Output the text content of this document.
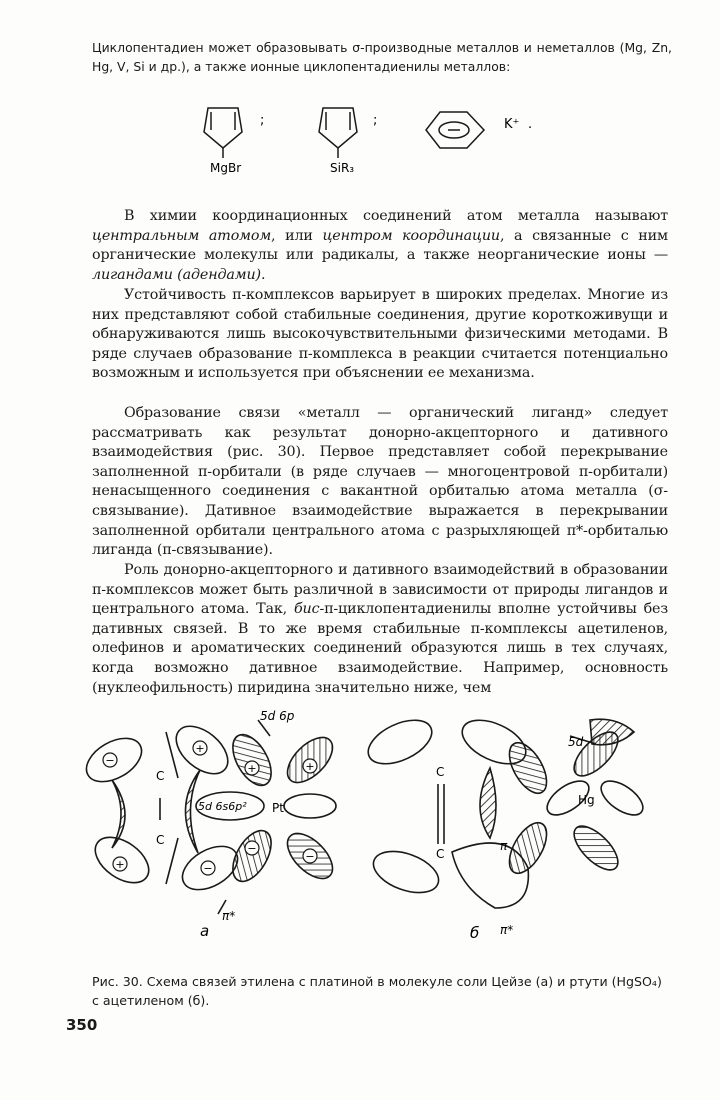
Циклопентадиен может образовывать σ-производные металлов и неметаллов (Mg, Zn, Hg, V, Si и др.), а также ионные циклопентадиенилы металлов:

MgBr
;
SiR₃
;	K⁺ .

В химии координационных соединений атом металла называют центральным атомом, или центром координации, а связанные с ним органические молекулы или радикалы, а также неорганические ионы — лигандами (адендами).

Устойчивость π-комплексов варьирует в широких пределах. Многие из них представляют собой стабильные соединения, другие короткоживущи и обнаруживаются лишь высокочувствительными физическими методами. В ряде случаев образование π-комплекса в реакции считается потенциально возможным и используется при объяснении ее механизма.

Образование связи «металл — органический лиганд» следует рассматривать как результат донорно-акцепторного и дативного взаимодействия (рис. 30). Первое представляет собой перекрывание заполненной π-орбитали (в ряде случаев — многоцентровой π-орбитали) ненасыщенного соединения с вакантной орбиталью атома металла (σ-связывание). Дативное взаимодействие выражается в перекрывании заполненной орбитали центрального атома с разрыхляющей π*-орбиталью лиганда (π-связывание).

Роль донорно-акцепторного и дативного взаимодействий в образовании π-комплексов может быть различной в зависимости от природы лигандов и центрального атома. Так, бис-π-циклопентадиенилы вполне устойчивы без дативных связей. В то же время стабильные π-комплексы ацетиленов, олефинов и ароматических соединений образуются лишь в тех случаях, когда возможно дативное взаимодействие. Например, основность (нуклеофильность) пиридина значительно ниже, чем

−
+
+
−
+	+
−
−
5d 6p
5d 6s6p² Pt
C
C
a
π*
5d
Hg
C
C
π
б π*

Рис. 30. Схема связей этилена с платиной в молекуле соли Цейзе (а) и ртути (HgSO₄) с ацетиленом (б).

350
